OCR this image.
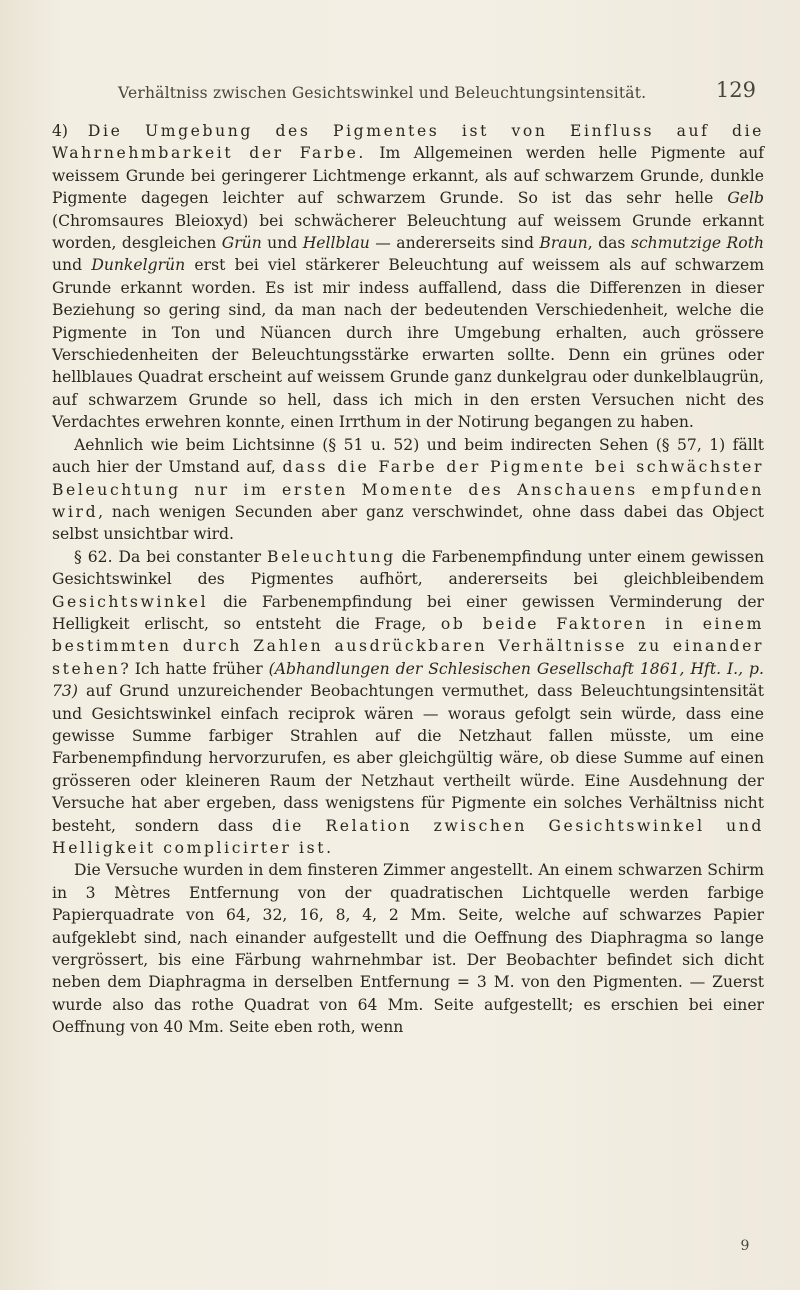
Verhältniss zwischen Gesichtswinkel und Beleuchtungsintensität.	129

4) Die Umgebung des Pigmentes ist von Einfluss auf die Wahrnehmbarkeit der Farbe. Im Allgemeinen werden helle Pigmente auf weissem Grunde bei geringerer Lichtmenge erkannt, als auf schwarzem Grunde, dunkle Pigmente dagegen leichter auf schwarzem Grunde. So ist das sehr helle Gelb (Chromsaures Bleioxyd) bei schwächerer Beleuchtung auf weissem Grunde erkannt worden, desgleichen Grün und Hellblau — andererseits sind Braun, das schmutzige Roth und Dunkelgrün erst bei viel stärkerer Beleuchtung auf weissem als auf schwarzem Grunde erkannt worden. Es ist mir indess auffallend, dass die Differenzen in dieser Beziehung so gering sind, da man nach der bedeutenden Verschiedenheit, welche die Pigmente in Ton und Nüancen durch ihre Umgebung erhalten, auch grössere Verschiedenheiten der Beleuchtungsstärke erwarten sollte. Denn ein grünes oder hellblaues Quadrat erscheint auf weissem Grunde ganz dunkelgrau oder dunkelblaugrün, auf schwarzem Grunde so hell, dass ich mich in den ersten Versuchen nicht des Verdachtes erwehren konnte, einen Irrthum in der Notirung begangen zu haben.

Aehnlich wie beim Lichtsinne (§ 51 u. 52) und beim indirecten Sehen (§ 57, 1) fällt auch hier der Umstand auf, dass die Farbe der Pigmente bei schwächster Beleuchtung nur im ersten Momente des Anschauens empfunden wird, nach wenigen Secunden aber ganz verschwindet, ohne dass dabei das Object selbst unsichtbar wird.

§ 62. Da bei constanter Beleuchtung die Farbenempfindung unter einem gewissen Gesichtswinkel des Pigmentes aufhört, andererseits bei gleichbleibendem Gesichtswinkel die Farbenempfindung bei einer gewissen Verminderung der Helligkeit erlischt, so entsteht die Frage, ob beide Faktoren in einem bestimmten durch Zahlen ausdrückbaren Verhältnisse zu einander stehen? Ich hatte früher (Abhandlungen der Schlesischen Gesellschaft 1861, Hft. I., p. 73) auf Grund unzureichender Beobachtungen vermuthet, dass Beleuchtungsintensität und Gesichtswinkel einfach reciprok wären — woraus gefolgt sein würde, dass eine gewisse Summe farbiger Strahlen auf die Netzhaut fallen müsste, um eine Farbenempfindung hervorzurufen, es aber gleichgültig wäre, ob diese Summe auf einen grösseren oder kleineren Raum der Netzhaut vertheilt würde. Eine Ausdehnung der Versuche hat aber ergeben, dass wenigstens für Pigmente ein solches Verhältniss nicht besteht, sondern dass die Relation zwischen Gesichtswinkel und Helligkeit complicirter ist.

Die Versuche wurden in dem finsteren Zimmer angestellt. An einem schwarzen Schirm in 3 Mètres Entfernung von der quadratischen Lichtquelle werden farbige Papierquadrate von 64, 32, 16, 8, 4, 2 Mm. Seite, welche auf schwarzes Papier aufgeklebt sind, nach einander aufgestellt und die Oeffnung des Diaphragma so lange vergrössert, bis eine Färbung wahrnehmbar ist. Der Beobachter befindet sich dicht neben dem Diaphragma in derselben Entfernung = 3 M. von den Pigmenten. — Zuerst wurde also das rothe Quadrat von 64 Mm. Seite aufgestellt; es erschien bei einer Oeffnung von 40 Mm. Seite eben roth, wenn

9
